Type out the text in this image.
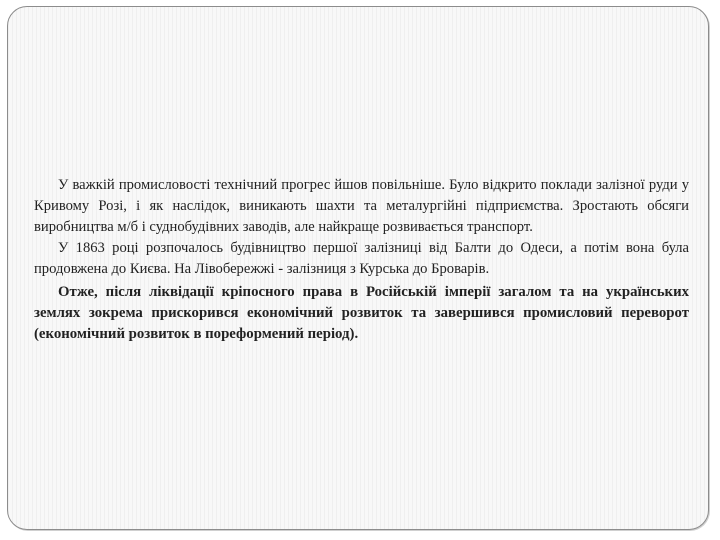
У важкій промисловості технічний прогрес йшов повільніше. Було відкрито поклади залізної руди у Кривому Розі, і як наслідок, виникають шахти та металургійні підприємства. Зростають обсяги виробництва м/б і суднобудівних заводів, але найкраще розвивається транспорт.

У 1863 році розпочалось будівництво першої залізниці від Балти до Одеси, а потім вона була продовжена до Києва. На Лівобережжі - залізниця з Курська до Броварів.

Отже, після ліквідації кріпосного права в Російській імперії загалом та на українських землях зокрема прискорився економічний розвиток та завершився промисловий переворот (економічний розвиток в пореформений період).
